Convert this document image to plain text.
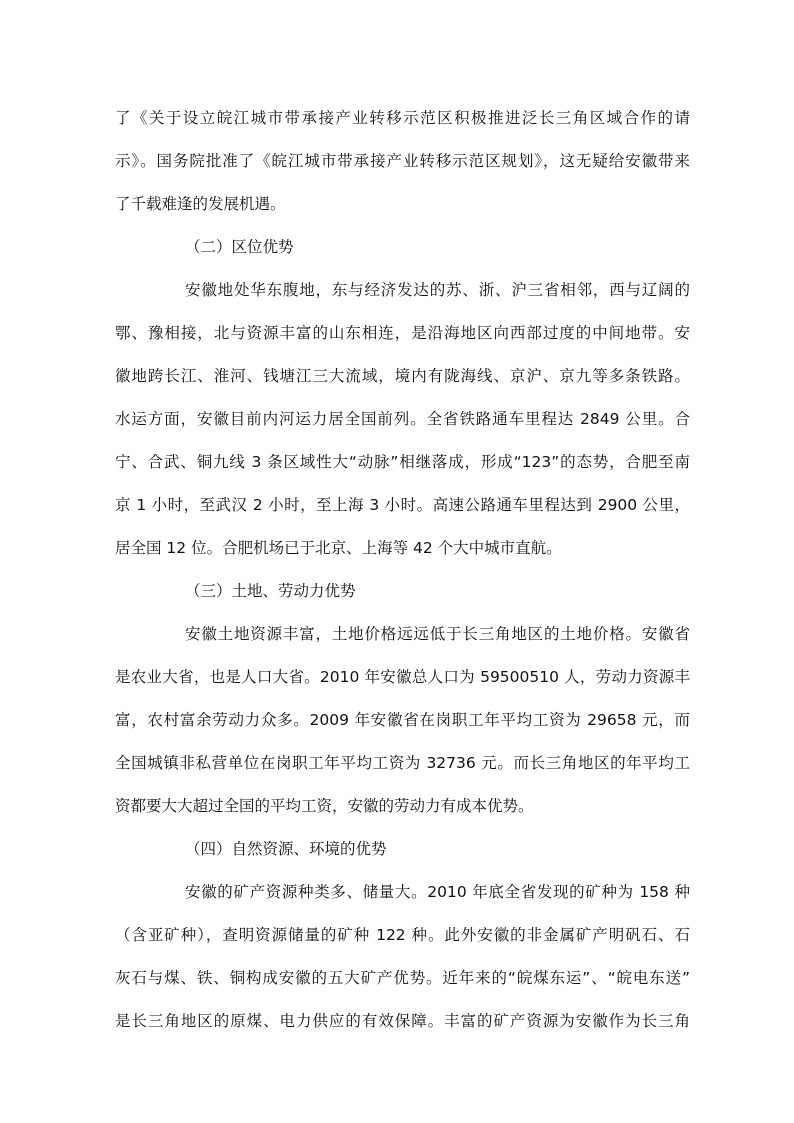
了《关于设立皖江城市带承接产业转移示范区积极推进泛长三角区域合作的请
示》。国务院批准了《皖江城市带承接产业转移示范区规划》，这无疑给安徽带来
了千载难逢的发展机遇。
（二）区位优势
安徽地处华东腹地，东与经济发达的苏、浙、沪三省相邻，西与辽阔的
鄂、豫相接，北与资源丰富的山东相连，是沿海地区向西部过度的中间地带。安
徽地跨长江、淮河、钱塘江三大流域，境内有陇海线、京沪、京九等多条铁路。
水运方面，安徽目前内河运力居全国前列。全省铁路通车里程达 2849 公里。合
宁、合武、铜九线 3 条区域性大“动脉”相继落成，形成“123”的态势，合肥至南
京 1 小时，至武汉 2 小时，至上海 3 小时。高速公路通车里程达到 2900 公里，
居全国 12 位。合肥机场已于北京、上海等 42 个大中城市直航。
（三）土地、劳动力优势
安徽土地资源丰富，土地价格远远低于长三角地区的土地价格。安徽省
是农业大省，也是人口大省。2010 年安徽总人口为 59500510 人，劳动力资源丰
富，农村富余劳动力众多。2009 年安徽省在岗职工年平均工资为 29658 元，而
全国城镇非私营单位在岗职工年平均工资为 32736 元。而长三角地区的年平均工
资都要大大超过全国的平均工资，安徽的劳动力有成本优势。
（四）自然资源、环境的优势
安徽的矿产资源种类多、储量大。2010 年底全省发现的矿种为 158 种
（含亚矿种），查明资源储量的矿种 122 种。此外安徽的非金属矿产明矾石、石
灰石与煤、铁、铜构成安徽的五大矿产优势。近年来的“皖煤东运”、“皖电东送”
是长三角地区的原煤、电力供应的有效保障。丰富的矿产资源为安徽作为长三角
